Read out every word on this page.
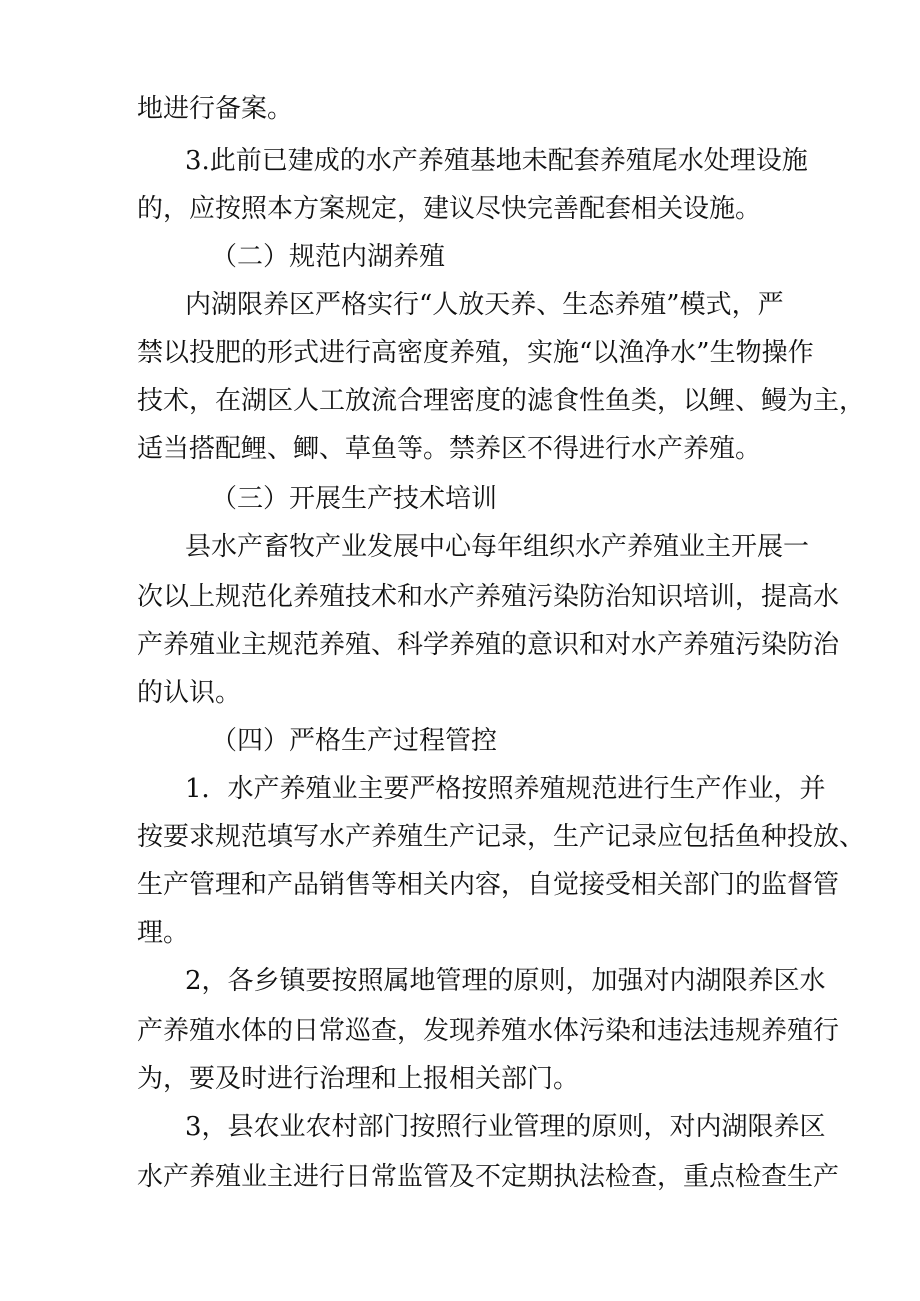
地进行备案。
3.此前已建成的水产养殖基地未配套养殖尾水处理设施
的，应按照本方案规定，建议尽快完善配套相关设施。
（二）规范内湖养殖
内湖限养区严格实行“人放天养、生态养殖”模式，严
禁以投肥的形式进行高密度养殖，实施“以渔净水”生物操作
技术，在湖区人工放流合理密度的滤食性鱼类，以鲤、鳗为主，
适当搭配鲤、鲫、草鱼等。禁养区不得进行水产养殖。
（三）开展生产技术培训
县水产畜牧产业发展中心每年组织水产养殖业主开展一
次以上规范化养殖技术和水产养殖污染防治知识培训，提高水
产养殖业主规范养殖、科学养殖的意识和对水产养殖污染防治
的认识。
（四）严格生产过程管控
1．水产养殖业主要严格按照养殖规范进行生产作业，并
按要求规范填写水产养殖生产记录，生产记录应包括鱼种投放、
生产管理和产品销售等相关内容，自觉接受相关部门的监督管
理。
2，各乡镇要按照属地管理的原则，加强对内湖限养区水
产养殖水体的日常巡查，发现养殖水体污染和违法违规养殖行
为，要及时进行治理和上报相关部门。
3，县农业农村部门按照行业管理的原则，对内湖限养区
水产养殖业主进行日常监管及不定期执法检查，重点检查生产
